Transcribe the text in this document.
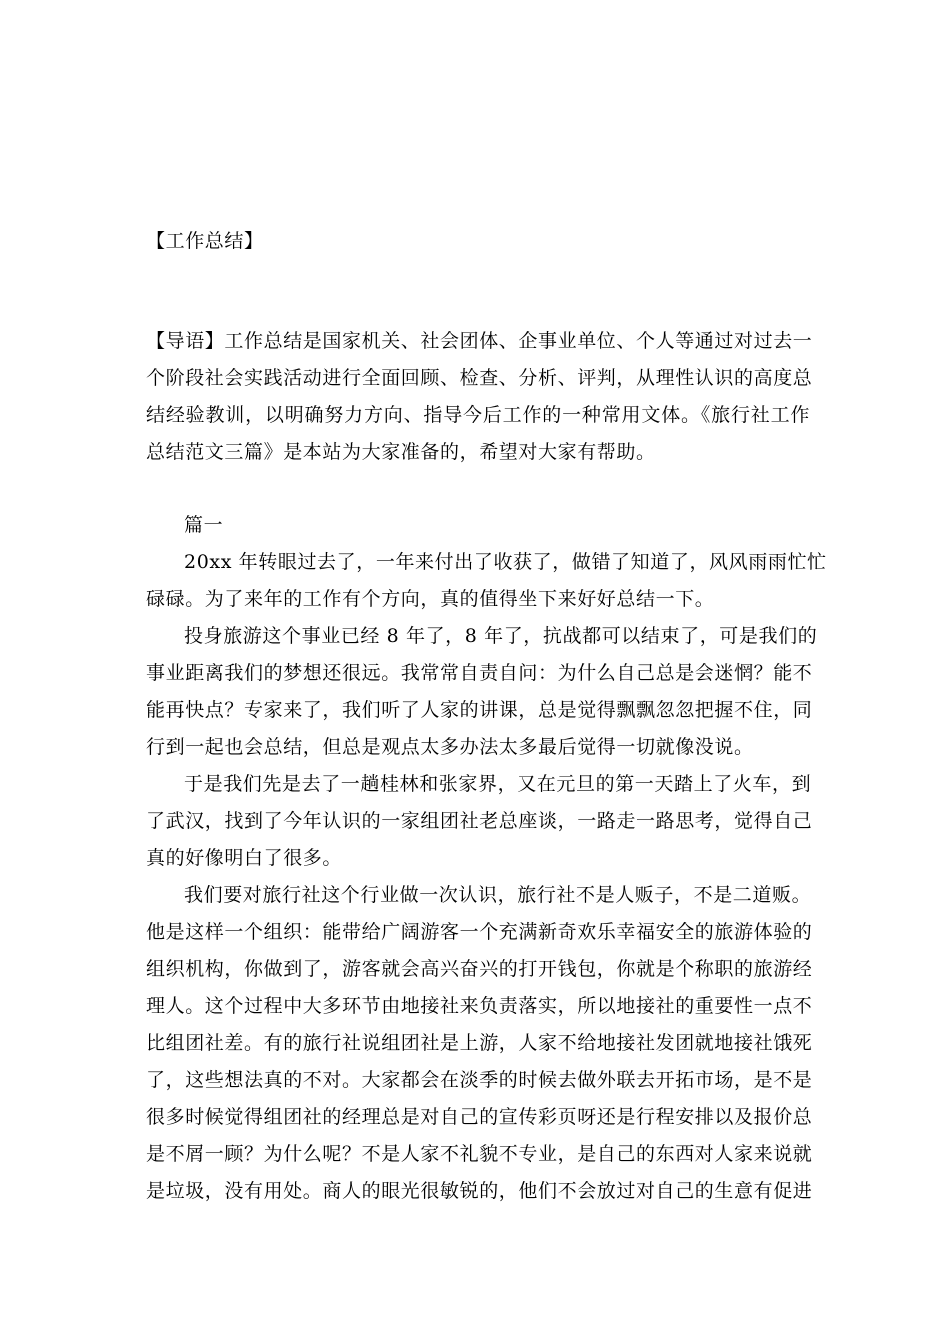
【工作总结】
【导语】工作总结是国家机关、社会团体、企事业单位、个人等通过对过去一
个阶段社会实践活动进行全面回顾、检查、分析、评判，从理性认识的高度总
结经验教训，以明确努力方向、指导今后工作的一种常用文体。《旅行社工作
总结范文三篇》是本站为大家准备的，希望对大家有帮助。
篇一
20xx 年转眼过去了，一年来付出了收获了，做错了知道了，风风雨雨忙忙
碌碌。为了来年的工作有个方向，真的值得坐下来好好总结一下。
投身旅游这个事业已经 8 年了，8 年了，抗战都可以结束了，可是我们的
事业距离我们的梦想还很远。我常常自责自问：为什么自己总是会迷惘？能不
能再快点？专家来了，我们听了人家的讲课，总是觉得飘飘忽忽把握不住，同
行到一起也会总结，但总是观点太多办法太多最后觉得一切就像没说。
于是我们先是去了一趟桂林和张家界，又在元旦的第一天踏上了火车，到
了武汉，找到了今年认识的一家组团社老总座谈，一路走一路思考，觉得自己
真的好像明白了很多。
我们要对旅行社这个行业做一次认识，旅行社不是人贩子，不是二道贩。
他是这样一个组织：能带给广阔游客一个充满新奇欢乐幸福安全的旅游体验的
组织机构，你做到了，游客就会高兴奋兴的打开钱包，你就是个称职的旅游经
理人。这个过程中大多环节由地接社来负责落实，所以地接社的重要性一点不
比组团社差。有的旅行社说组团社是上游，人家不给地接社发团就地接社饿死
了，这些想法真的不对。大家都会在淡季的时候去做外联去开拓市场，是不是
很多时候觉得组团社的经理总是对自己的宣传彩页呀还是行程安排以及报价总
是不屑一顾？为什么呢？不是人家不礼貌不专业，是自己的东西对人家来说就
是垃圾，没有用处。商人的眼光很敏锐的，他们不会放过对自己的生意有促进
